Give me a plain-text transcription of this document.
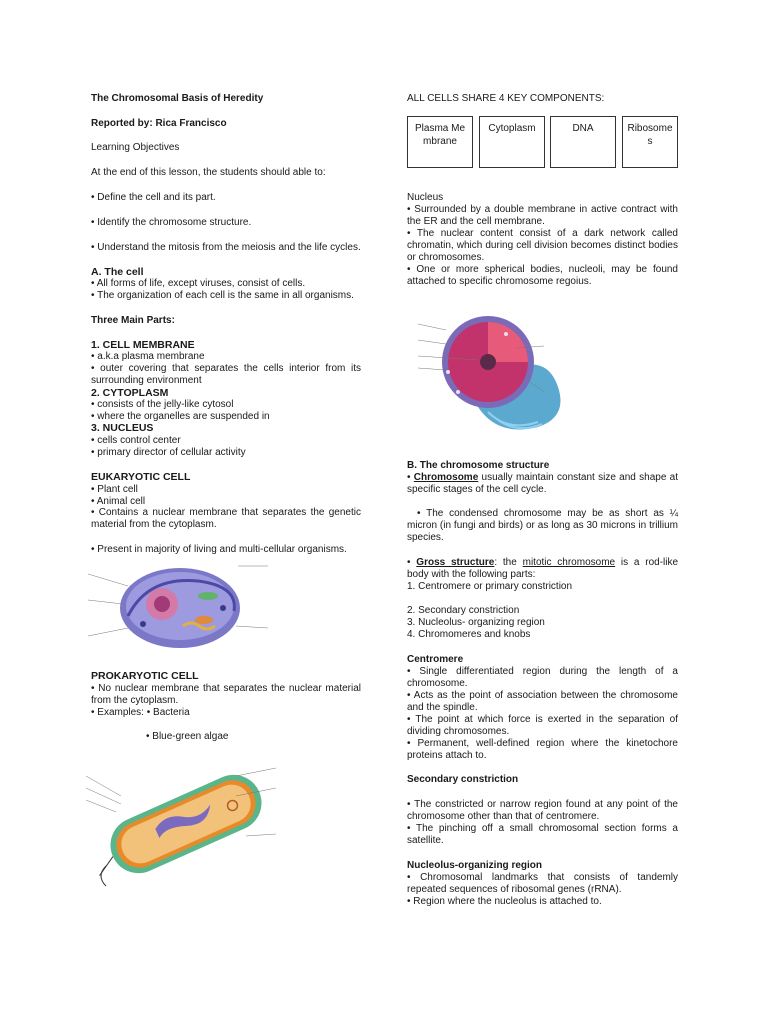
The Chromosomal Basis of Heredity
Reported by: Rica Francisco
Learning Objectives
At the end of this lesson, the students should able to:
• Define the cell and its part.
• Identify the chromosome structure.
• Understand the mitosis from the meiosis and the life cycles.
A. The cell
• All forms of life, except viruses, consist of cells.
• The organization of each cell is the same in all organisms.
Three Main Parts:
1. CELL MEMBRANE
• a.k.a plasma membrane
• outer covering that separates the cells interior from its surrounding environment
2. CYTOPLASM
• consists of the jelly-like cytosol
• where the organelles are suspended in
3. NUCLEUS
• cells control center
• primary director of cellular activity
EUKARYOTIC CELL
• Plant cell
• Animal cell
• Contains a nuclear membrane that separates the genetic material from the cytoplasm.
• Present in majority of living and multi-cellular organisms.
PROKARYOTIC CELL
• No nuclear membrane that separates the nuclear material from the cytoplasm.
• Examples: • Bacteria
• Blue-green algae
ALL CELLS SHARE 4 KEY COMPONENTS:
Nucleus
• Surrounded by a double membrane in active contract with the ER and the cell membrane.
• The nuclear content consist of a dark network called chromatin, which during cell division becomes distinct bodies or chromosomes.
• One or more spherical bodies, nucleoli, may be found attached to specific chromosome regoius.
B. The chromosome structure
• Chromosome usually maintain constant size and shape at specific stages of the cell cycle.
• The condensed chromosome may be as short as ¼ micron (in fungi and birds) or as long as 30 microns in trillium species.
• Gross structure: the mitotic chromosome is a rod-like body with the following parts:
1. Centromere or primary constriction
2. Secondary constriction
3. Nucleolus- organizing region
4. Chromomeres and knobs
Centromere
• Single differentiated region during the length of a chromosome.
• Acts as the point of association between the chromosome and the spindle.
• The point at which force is exerted in the separation of dividing chromosomes.
• Permanent, well-defined region where the kinetochore proteins attach to.
Secondary constriction
• The constricted or narrow region found at any point of the chromosome other than that of centromere.
• The pinching off a small chromosomal section forms a satellite.
Nucleolus-organizing region
• Chromosomal landmarks that consists of tandemly repeated sequences of ribosomal genes (rRNA).
• Region where the nucleolus is attached to.
Plasma Membrane
Cytoplasm	DNA	Ribosomes
